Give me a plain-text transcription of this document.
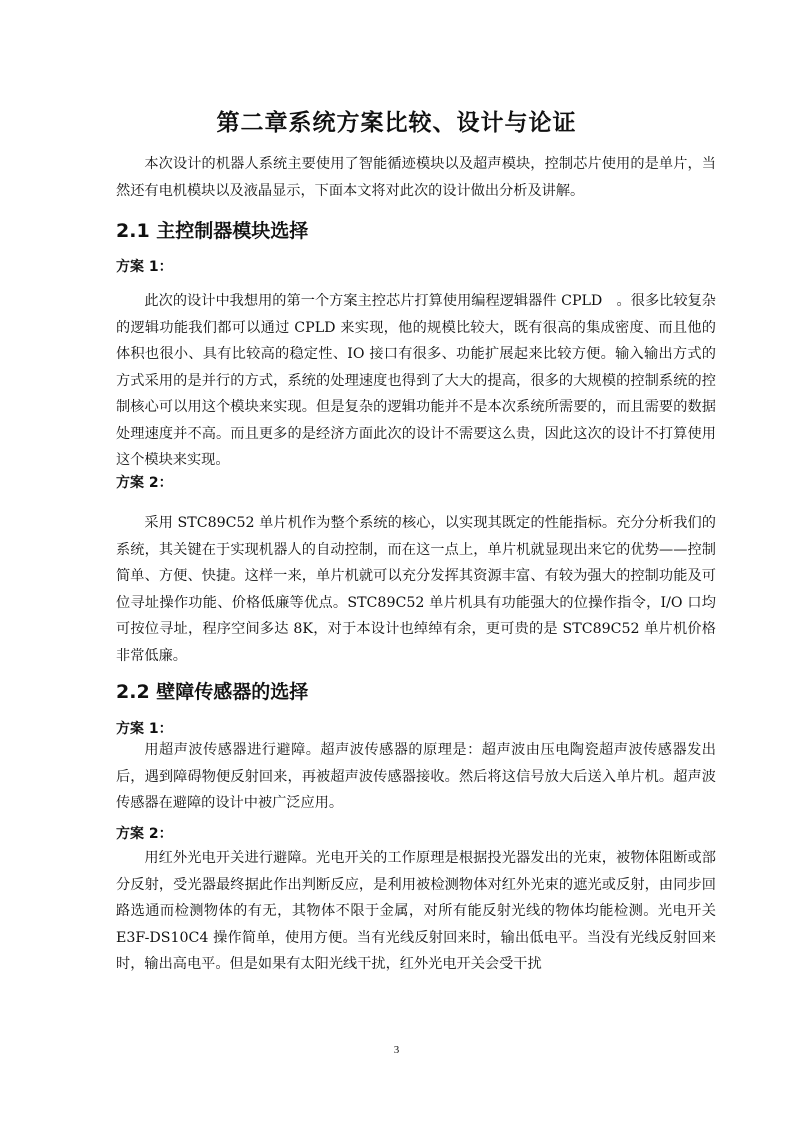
第二章系统方案比较、设计与论证

本次设计的机器人系统主要使用了智能循迹模块以及超声模块，控制芯片使用的是单片，当然还有电机模块以及液晶显示，下面本文将对此次的设计做出分析及讲解。

2.1 主控制器模块选择
方案 1：

此次的设计中我想用的第一个方案主控芯片打算使用编程逻辑器件 CPLD　。很多比较复杂的逻辑功能我们都可以通过 CPLD 来实现，他的规模比较大，既有很高的集成密度、而且他的体积也很小、具有比较高的稳定性、IO 接口有很多、功能扩展起来比较方便。输入输出方式的方式采用的是并行的方式，系统的处理速度也得到了大大的提高，很多的大规模的控制系统的控制核心可以用这个模块来实现。但是复杂的逻辑功能并不是本次系统所需要的，而且需要的数据处理速度并不高。而且更多的是经济方面此次的设计不需要这么贵，因此这次的设计不打算使用这个模块来实现。

方案 2：

采用 STC89C52 单片机作为整个系统的核心，以实现其既定的性能指标。充分分析我们的系统，其关键在于实现机器人的自动控制，而在这一点上，单片机就显现出来它的优势——控制简单、方便、快捷。这样一来，单片机就可以充分发挥其资源丰富、有较为强大的控制功能及可位寻址操作功能、价格低廉等优点。STC89C52 单片机具有功能强大的位操作指令，I/O 口均可按位寻址，程序空间多达 8K，对于本设计也绰绰有余，更可贵的是 STC89C52 单片机价格非常低廉。

2.2 壁障传感器的选择
方案 1：

用超声波传感器进行避障。超声波传感器的原理是：超声波由压电陶瓷超声波传感器发出后，遇到障碍物便反射回来，再被超声波传感器接收。然后将这信号放大后送入单片机。超声波传感器在避障的设计中被广泛应用。

方案 2：

用红外光电开关进行避障。光电开关的工作原理是根据投光器发出的光束，被物体阻断或部分反射，受光器最终据此作出判断反应，是利用被检测物体对红外光束的遮光或反射，由同步回路选通而检测物体的有无，其物体不限于金属，对所有能反射光线的物体均能检测。光电开关 E3F-DS10C4 操作简单，使用方便。当有光线反射回来时，输出低电平。当没有光线反射回来时，输出高电平。但是如果有太阳光线干扰，红外光电开关会受干扰

3
